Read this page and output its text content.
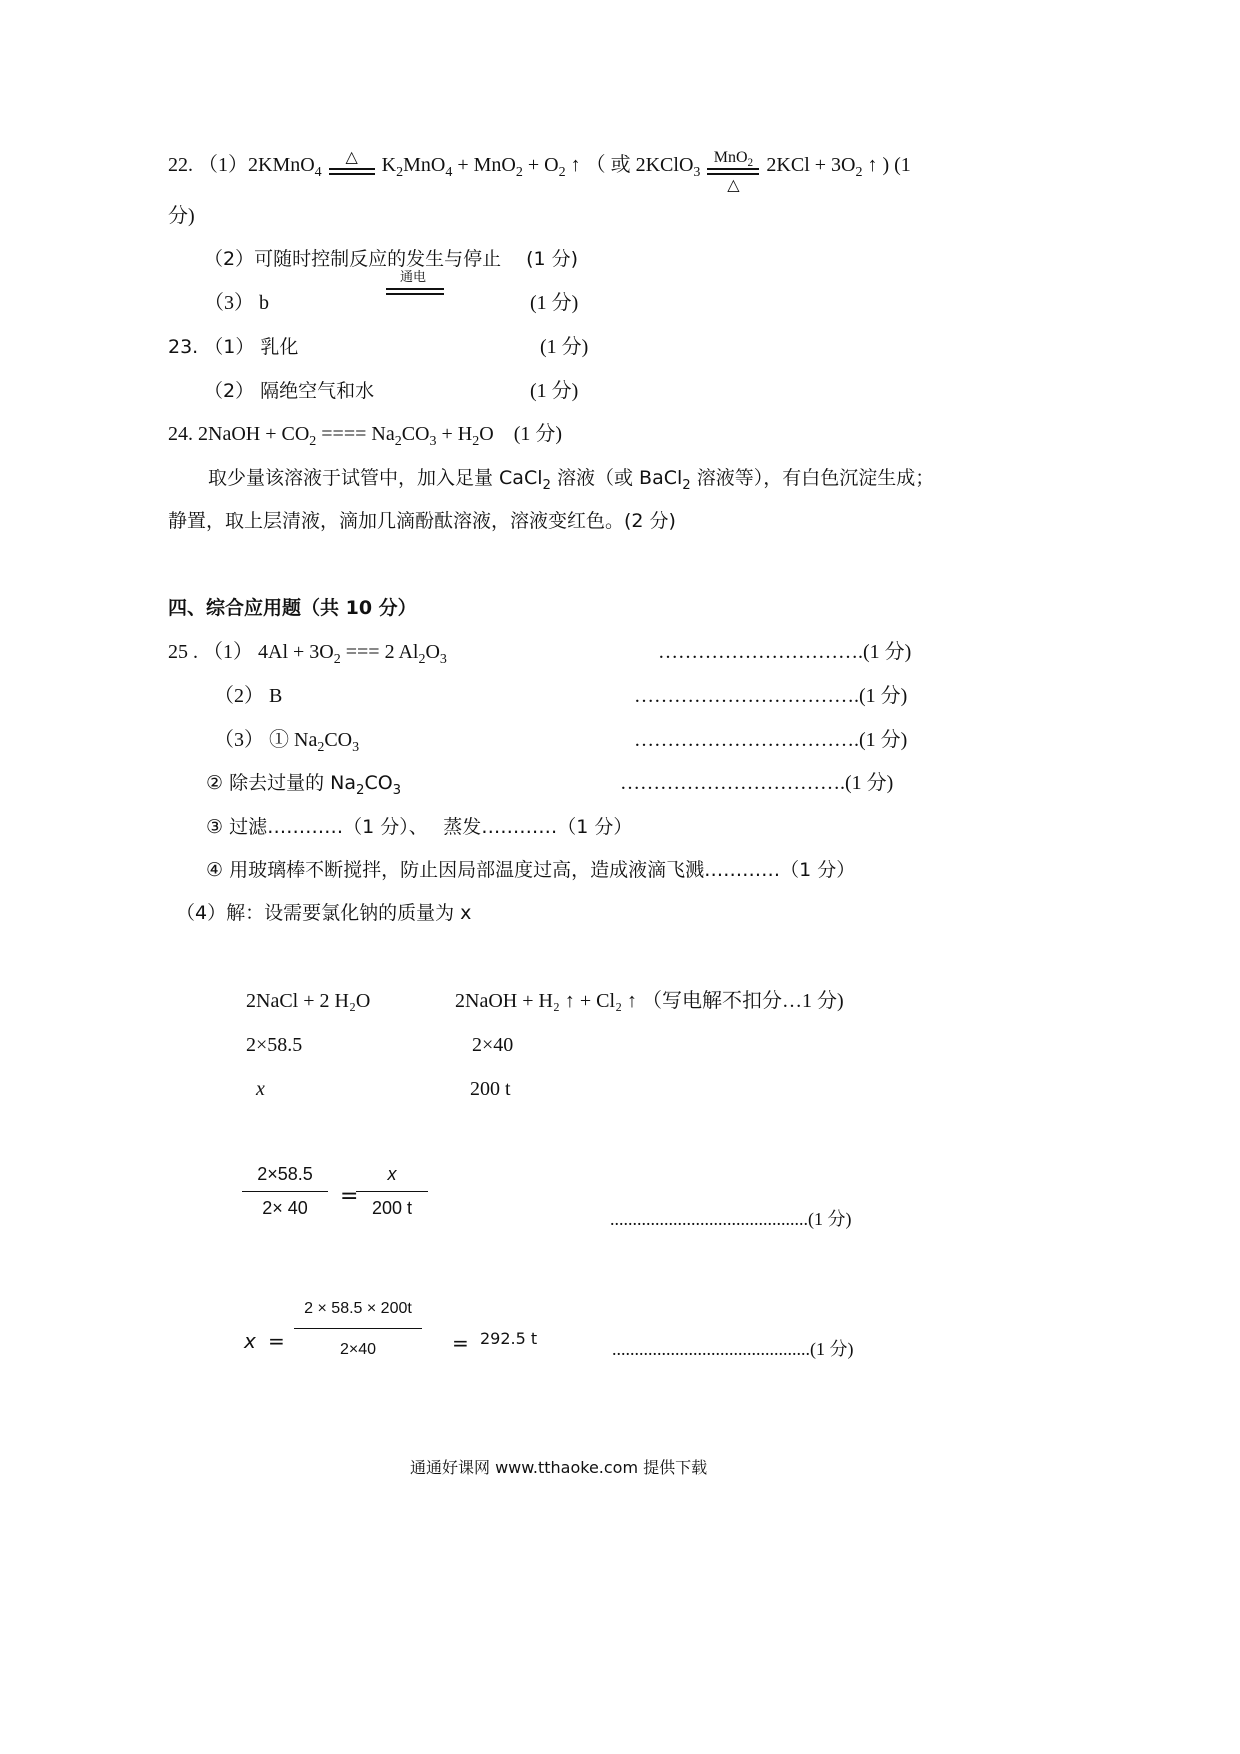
22. （1）2KMnO$_4$
△	$K_2MnO_4 + MnO_2 + O_2$ ↑ （ 或 2KClO$_3$
MnO$_2$
△
$2KCl + 3O_2$ ↑ ) (1
分)
（2）可随时控制反应的发生与停止　 (1 分)
（3） b
通电
(1 分)
23. （1） 乳化	(1 分)
（2） 隔绝空气和水	(1 分)
24. 2NaOH + $CO_2$ ==== $Na_2CO_3 + H_2O$　(1 分)
取少量该溶液于试管中，加入足量 CaCl$_2$ 溶液（或 BaCl$_2$ 溶液等），有白色沉淀生成；
静置，取上层清液，滴加几滴酚酞溶液，溶液变红色。(2 分)
四、综合应用题（共 10 分）
25 . （1） $4Al + 3O_2$ === 2 $Al_2O_3$	………………………….(1 分)
（2） B	…………………………….(1 分)
（3） ① $Na_2CO_3$	…………………………….(1 分)
② 除去过量的 $Na_2CO_3$	…………………………….(1 分)
③ 过滤…………（1 分）、　 蒸发…………（1 分）
④ 用玻璃棒不断搅拌，防止因局部温度过高，造成液滴飞溅…………（1 分）
（4）解：设需要氯化钠的质量为 x
2NaCl + 2 H₂O	2NaOH + H₂ ↑ + Cl₂ ↑ （写电解不扣分…1 分)
2×58.5	2×40
x	200 t
2×58.5
2× 40	=
x
200 t
............................................(1 分)
x =
2 × 58.5 × 200t
2×40	= 292.5 t
............................................(1 分)
通通好课网 www.tthaoke.com 提供下载
